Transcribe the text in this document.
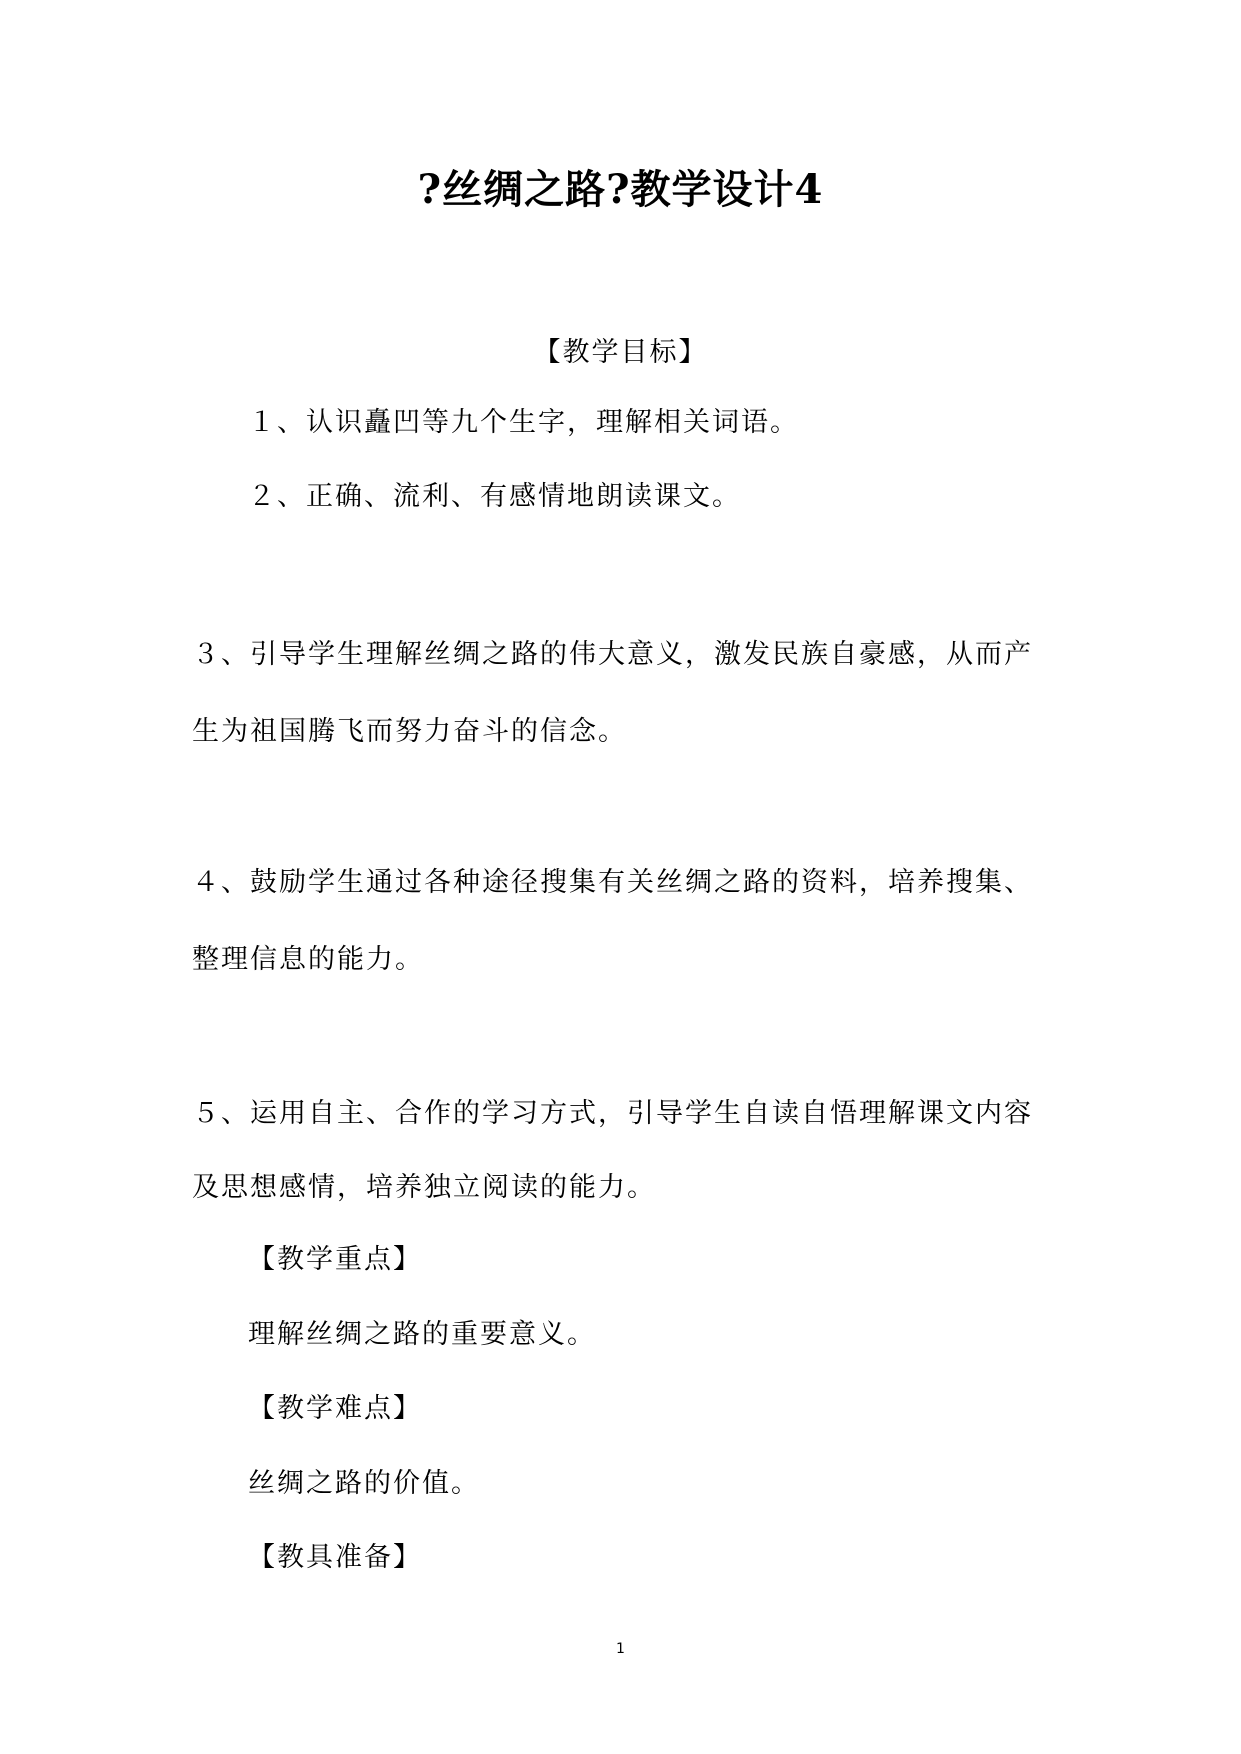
?丝绸之路?教学设计4
【教学目标】
１、认识矗凹等九个生字，理解相关词语。
２、正确、流利、有感情地朗读课文。
３、引导学生理解丝绸之路的伟大意义，激发民族自豪感，从而产
生为祖国腾飞而努力奋斗的信念。
４、鼓励学生通过各种途径搜集有关丝绸之路的资料，培养搜集、
整理信息的能力。
５、运用自主、合作的学习方式，引导学生自读自悟理解课文内容
及思想感情，培养独立阅读的能力。
【教学重点】
理解丝绸之路的重要意义。
【教学难点】
丝绸之路的价值。
【教具准备】
1
